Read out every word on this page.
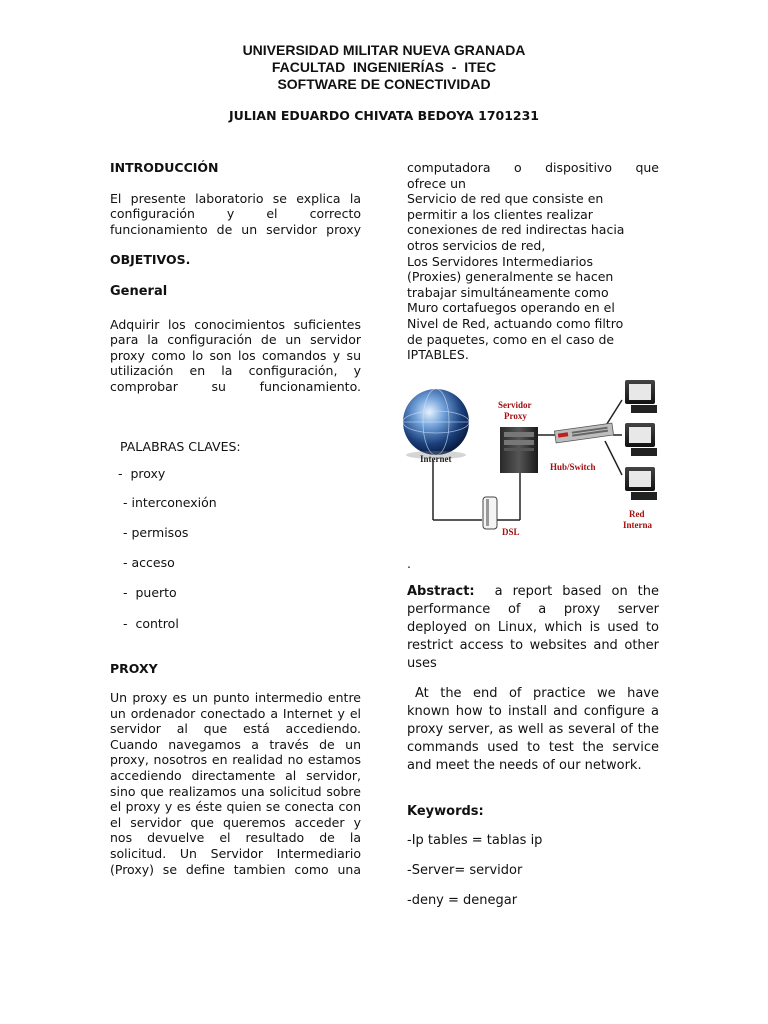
UNIVERSIDAD MILITAR NUEVA GRANADA
FACULTAD  INGENIERÍAS  -  ITEC
SOFTWARE DE CONECTIVIDAD
JULIAN EDUARDO CHIVATA BEDOYA 1701231

INTRODUCCIÓN

El presente laboratorio se explica la configuración y el correcto funcionamiento de un servidor proxy

OBJETIVOS.

General

Adquirir los conocimientos suficientes para la configuración de un servidor proxy como lo son los comandos y su utilización en la configuración, y comprobar su funcionamiento.

PALABRAS CLAVES:
-  proxy
- interconexión
- permisos
- acceso
-  puerto
-  control
PROXY
Un proxy es un punto intermedio entre un ordenador conectado a Internet y el servidor al que está accediendo. Cuando navegamos a través de un proxy, nosotros en realidad no estamos accediendo directamente al servidor, sino que realizamos una solicitud sobre el proxy y es éste quien se conecta con el servidor que queremos acceder y nos devuelve el resultado de la solicitud. Un Servidor Intermediario (Proxy) se define tambien como una

computadora o dispositivo que

ofrece un

Servicio de red que consiste en

permitir a los clientes realizar

conexiones de red indirectas hacia

otros servicios de red,

Los Servidores Intermediarios

(Proxies) generalmente se hacen

trabajar simultáneamente como

Muro cortafuegos operando en el

Nivel de Red, actuando como filtro

de paquetes, como en el caso de

IPTABLES.

Internet
Servidor
Proxy
Hub/Switch
Red
Interna
DSL
.

Abstract: a report based on the performance of a proxy server deployed on Linux, which is used to restrict access to websites and other uses

At the end of practice we have known how to install and configure a proxy server, as well as several of the commands used to test the service and meet the needs of our network.

Keywords:
-Ip tables = tablas ip
-Server= servidor
-deny = denegar
